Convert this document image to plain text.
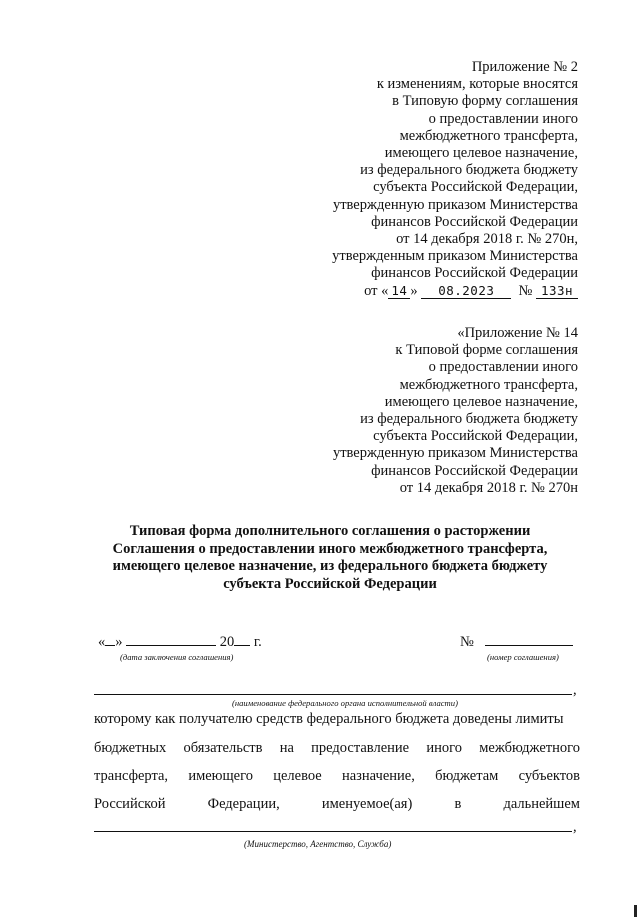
Приложение № 2
к изменениям, которые вносятся
в Типовую форму соглашения
о предоставлении иного
межбюджетного трансферта,
имеющего целевое назначение,
из федерального бюджета бюджету
субъекта Российской Федерации,
утвержденную приказом Министерства
финансов Российской Федерации
от 14 декабря 2018 г. № 270н,
утвержденным приказом Министерства
финансов Российской Федерации
от « 14 » 08.2023 № 133н
«Приложение № 14
к Типовой форме соглашения
о предоставлении иного
межбюджетного трансферта,
имеющего целевое назначение,
из федерального бюджета бюджету
субъекта Российской Федерации,
утвержденную приказом Министерства
финансов Российской Федерации
от 14 декабря 2018 г. № 270н
Типовая форма дополнительного соглашения о расторжении
Соглашения о предоставлении иного межбюджетного трансферта,
имеющего целевое назначение, из федерального бюджета бюджету
субъекта Российской Федерации
« »	20 г.	№
(дата заключения соглашения)	(номер соглашения)
,
(наименование федерального органа исполнительной власти)
которому как получателю средств федерального бюджета доведены лимиты
бюджетных обязательств на предоставление иного межбюджетного
трансферта, имеющего целевое назначение, бюджетам субъектов
Российской	Федерации,	именуемое(ая)	в	дальнейшем
,
(Министерство, Агентство, Служба)
